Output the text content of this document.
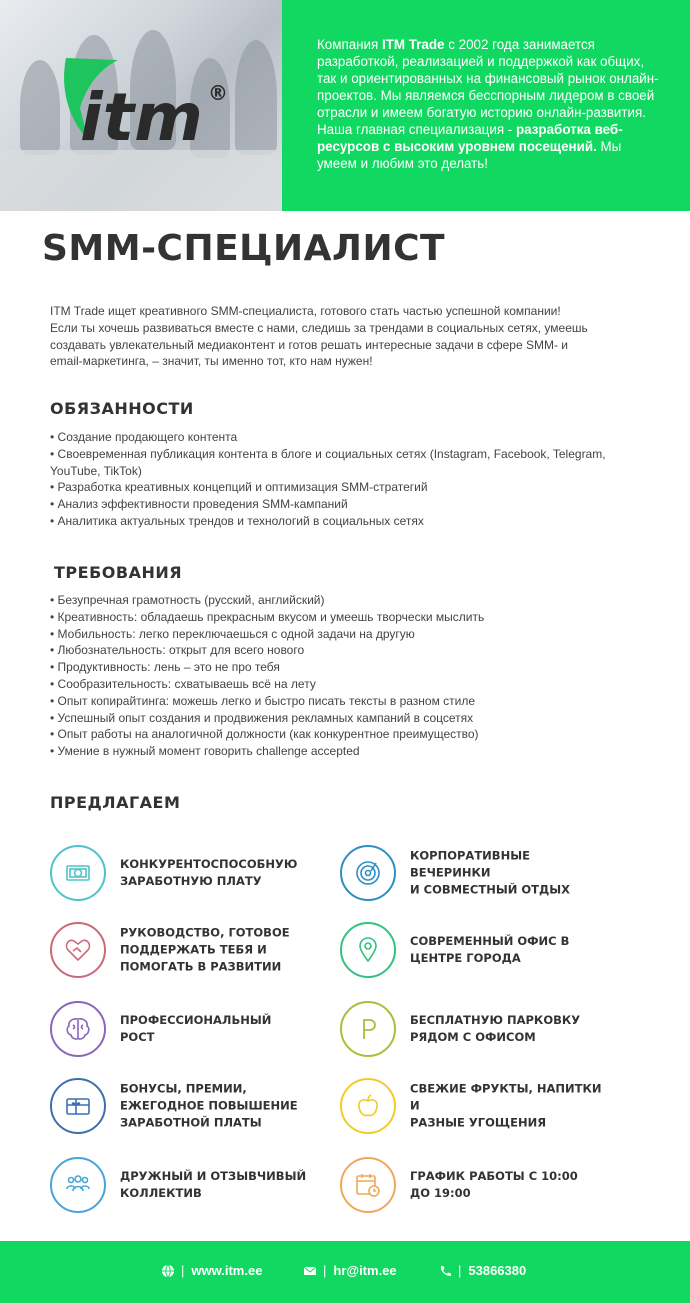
itm ®

Компания ITM Trade с 2002 года занимается разработкой, реализацией и поддержкой как общих, так и ориентированных на финансовый рынок онлайн-проектов. Мы являемся бесспорным лидером в своей отрасли и имеем богатую историю онлайн-развития. Наша главная специализация - разработка веб-ресурсов с высоким уровнем посещений. Мы умеем и любим это делать!

SMM-СПЕЦИАЛИСТ

ITM Trade ищет креативного SMM-специалиста, готового стать частью успешной компании!
Если ты хочешь развиваться вместе с нами, следишь за трендами в социальных сетях, умеешь
создавать увлекательный медиаконтент и готов решать интересные задачи в сфере SMM- и
email-маркетинга, – значит, ты именно тот, кто нам нужен!

ОБЯЗАННОСТИ
• Создание продающего контента
• Своевременная публикация контента в блоге и социальных сетях (Instagram, Facebook, Telegram,
YouTube, TikTok)
• Разработка креативных концепций и оптимизация SMM-стратегий
• Анализ эффективности проведения SMM-кампаний
• Аналитика актуальных трендов и технологий в социальных сетях
ТРЕБОВАНИЯ
• Безупречная грамотность (русский, английский)
• Креативность: обладаешь прекрасным вкусом и умеешь творчески мыслить
• Мобильность: легко переключаешься с одной задачи на другую
• Любознательность: открыт для всего нового
• Продуктивность: лень – это не про тебя
• Сообразительность: схватываешь всё на лету
• Опыт копирайтинга: можешь легко и быстро писать тексты в разном стиле
• Успешный опыт создания и продвижения рекламных кампаний в соцсетях
• Опыт работы на аналогичной должности (как конкурентное преимущество)
• Умение в нужный момент говорить challenge accepted
ПРЕДЛАГАЕМ
КОНКУРЕНТОСПОСОБНУЮ
ЗАРАБОТНУЮ ПЛАТУ
КОРПОРАТИВНЫЕ ВЕЧЕРИНКИ
И СОВМЕСТНЫЙ ОТДЫХ
РУКОВОДСТВО, ГОТОВОЕ
ПОДДЕРЖАТЬ ТЕБЯ И
ПОМОГАТЬ В РАЗВИТИИ
СОВРЕМЕННЫЙ ОФИС В
ЦЕНТРЕ ГОРОДА
ПРОФЕССИОНАЛЬНЫЙ
РОСТ
БЕСПЛАТНУЮ ПАРКОВКУ
РЯДОМ С ОФИСОМ
БОНУСЫ, ПРЕМИИ,
ЕЖЕГОДНОЕ ПОВЫШЕНИЕ
ЗАРАБОТНОЙ ПЛАТЫ
СВЕЖИЕ ФРУКТЫ, НАПИТКИ И
РАЗНЫЕ УГОЩЕНИЯ
ДРУЖНЫЙ И ОТЗЫВЧИВЫЙ
КОЛЛЕКТИВ
ГРАФИК РАБОТЫ С 10:00
ДО 19:00
| www.itm.ee	| hr@itm.ee	| 53866380
